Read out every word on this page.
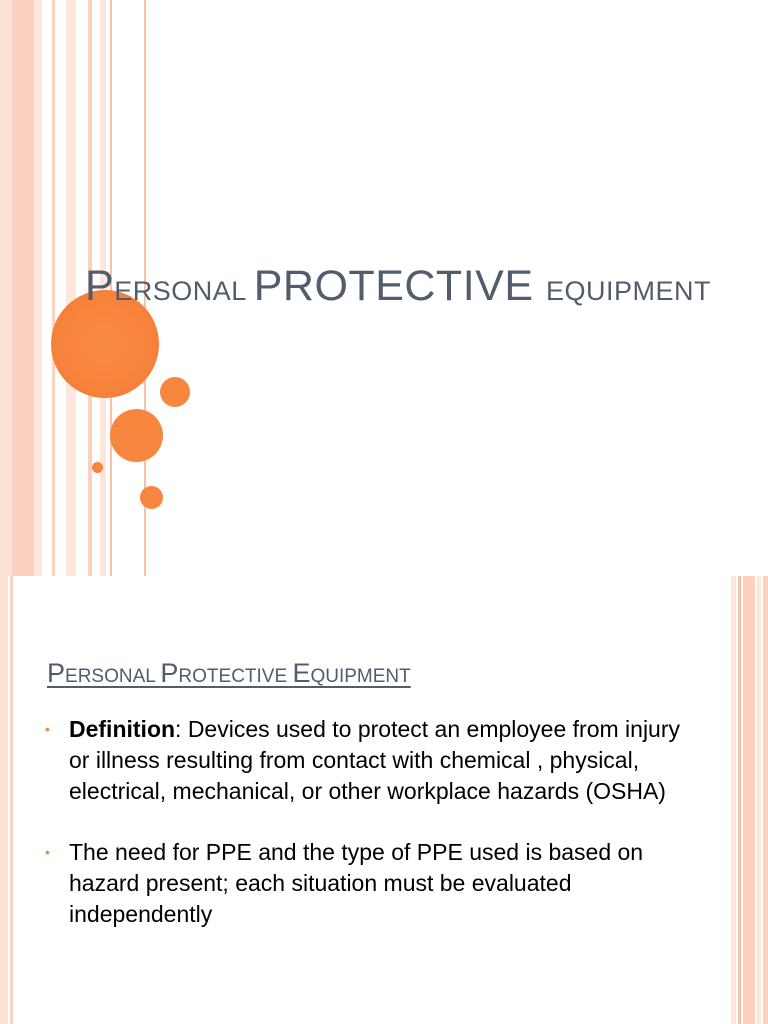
PERSONAL PROTECTIVE EQUIPMENT
PERSONAL PROTECTIVE EQUIPMENT
• Definition: Devices used to protect an employee from injury or illness resulting from contact with chemical , physical, electrical, mechanical, or other workplace hazards (OSHA)
• The need for PPE and the type of PPE used is based on hazard present; each situation must be evaluated independently
